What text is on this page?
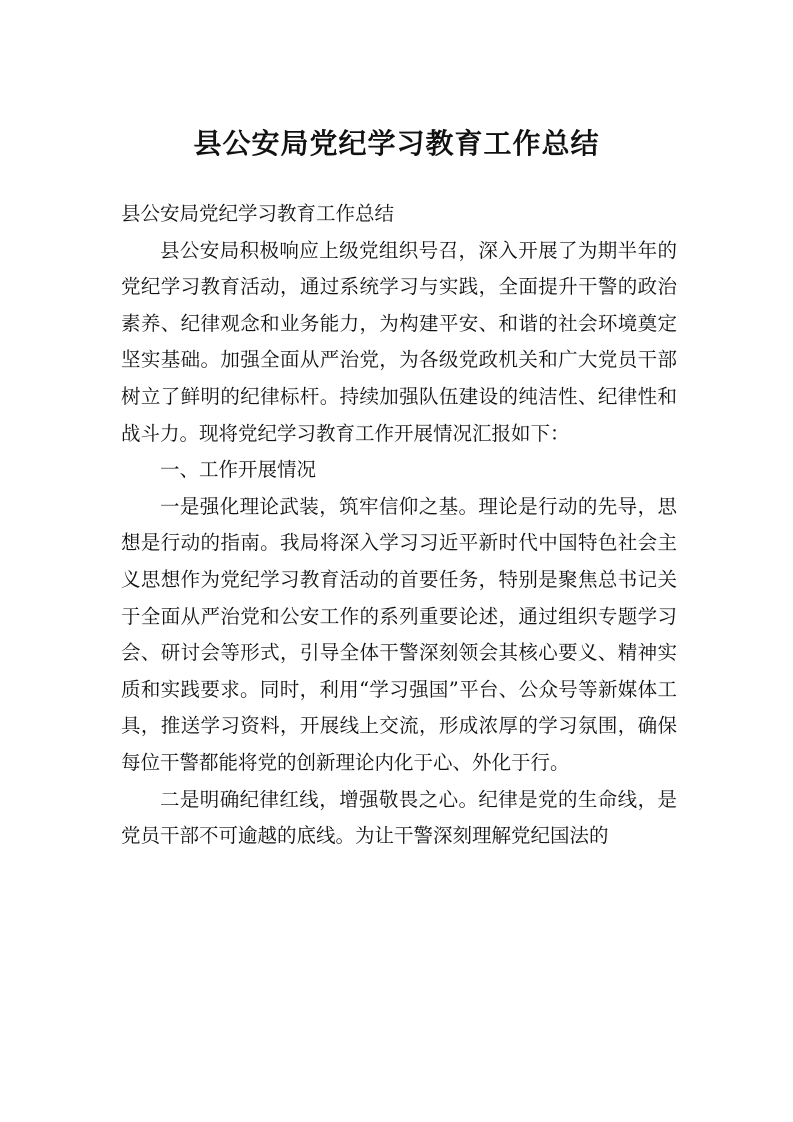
县公安局党纪学习教育工作总结

县公安局党纪学习教育工作总结

县公安局积极响应上级党组织号召，深入开展了为期半年的党纪学习教育活动，通过系统学习与实践，全面提升干警的政治素养、纪律观念和业务能力，为构建平安、和谐的社会环境奠定坚实基础。加强全面从严治党，为各级党政机关和广大党员干部树立了鲜明的纪律标杆。持续加强队伍建设的纯洁性、纪律性和战斗力。现将党纪学习教育工作开展情况汇报如下：

一、工作开展情况

一是强化理论武装，筑牢信仰之基。理论是行动的先导，思想是行动的指南。我局将深入学习习近平新时代中国特色社会主义思想作为党纪学习教育活动的首要任务，特别是聚焦总书记关于全面从严治党和公安工作的系列重要论述，通过组织专题学习会、研讨会等形式，引导全体干警深刻领会其核心要义、精神实质和实践要求。同时，利用“学习强国”平台、公众号等新媒体工具，推送学习资料，开展线上交流，形成浓厚的学习氛围，确保每位干警都能将党的创新理论内化于心、外化于行。

二是明确纪律红线，增强敬畏之心。纪律是党的生命线，是党员干部不可逾越的底线。为让干警深刻理解党纪国法的
